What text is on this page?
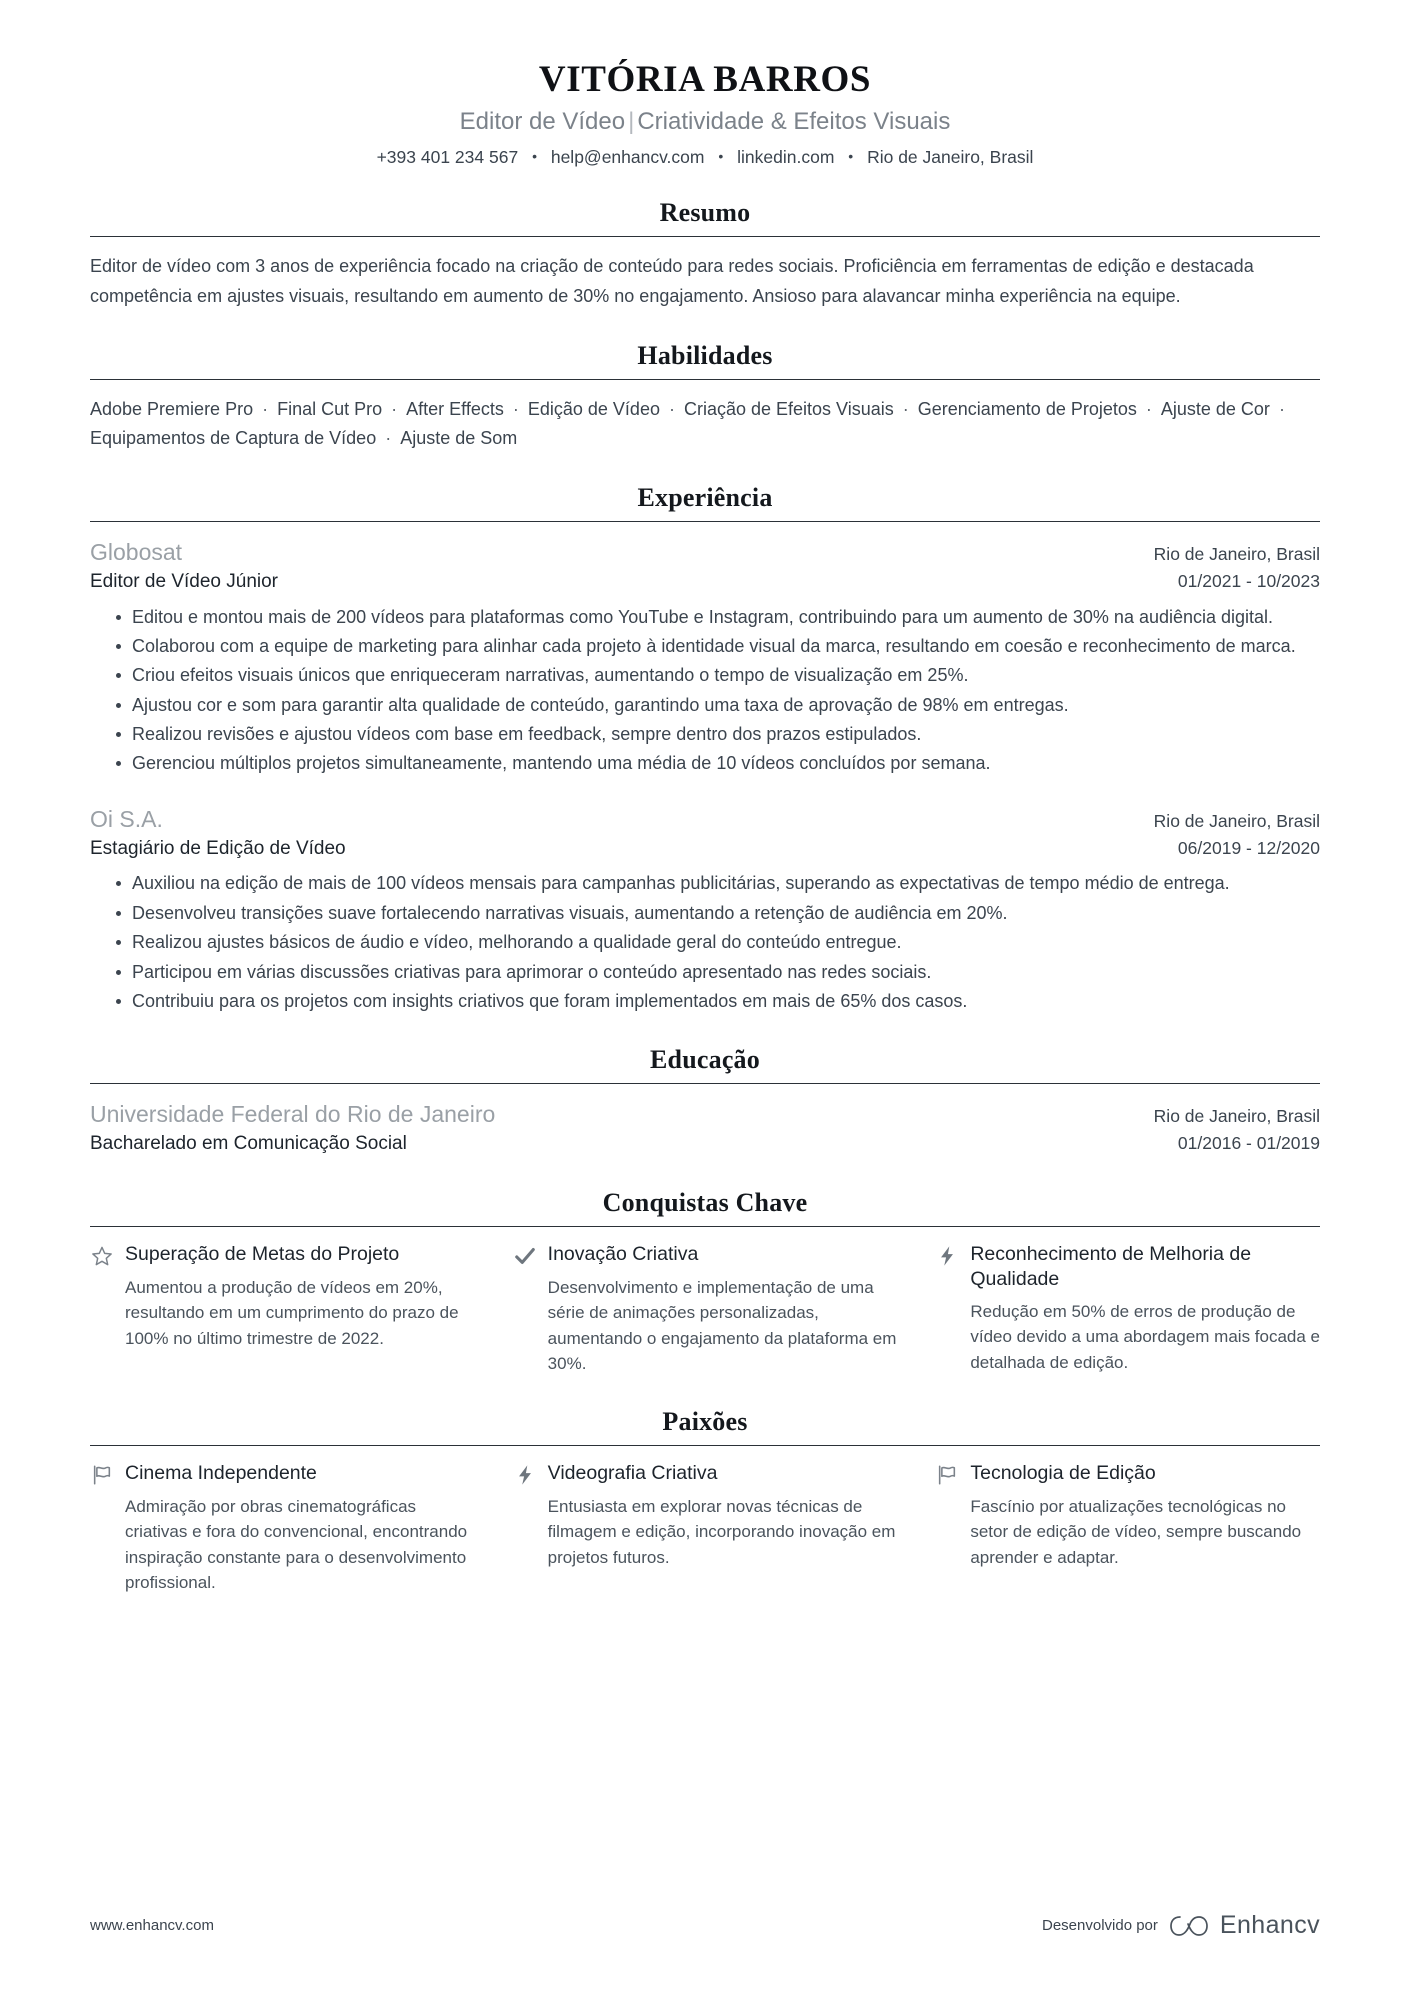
VITÓRIA BARROS
Editor de Vídeo | Criatividade & Efeitos Visuais
+393 401 234 567 • help@enhancv.com • linkedin.com • Rio de Janeiro, Brasil
Resumo
Editor de vídeo com 3 anos de experiência focado na criação de conteúdo para redes sociais. Proficiência em ferramentas de edição e destacada competência em ajustes visuais, resultando em aumento de 30% no engajamento. Ansioso para alavancar minha experiência na equipe.
Habilidades
Adobe Premiere Pro · Final Cut Pro · After Effects · Edição de Vídeo · Criação de Efeitos Visuais · Gerenciamento de Projetos · Ajuste de Cor · Equipamentos de Captura de Vídeo · Ajuste de Som
Experiência
Globosat	Rio de Janeiro, Brasil
Editor de Vídeo Júnior	01/2021 - 10/2023
Editou e montou mais de 200 vídeos para plataformas como YouTube e Instagram, contribuindo para um aumento de 30% na audiência digital.
Colaborou com a equipe de marketing para alinhar cada projeto à identidade visual da marca, resultando em coesão e reconhecimento de marca.
Criou efeitos visuais únicos que enriqueceram narrativas, aumentando o tempo de visualização em 25%.
Ajustou cor e som para garantir alta qualidade de conteúdo, garantindo uma taxa de aprovação de 98% em entregas.
Realizou revisões e ajustou vídeos com base em feedback, sempre dentro dos prazos estipulados.
Gerenciou múltiplos projetos simultaneamente, mantendo uma média de 10 vídeos concluídos por semana.
Oi S.A.	Rio de Janeiro, Brasil
Estagiário de Edição de Vídeo	06/2019 - 12/2020
Auxiliou na edição de mais de 100 vídeos mensais para campanhas publicitárias, superando as expectativas de tempo médio de entrega.
Desenvolveu transições suave fortalecendo narrativas visuais, aumentando a retenção de audiência em 20%.
Realizou ajustes básicos de áudio e vídeo, melhorando a qualidade geral do conteúdo entregue.
Participou em várias discussões criativas para aprimorar o conteúdo apresentado nas redes sociais.
Contribuiu para os projetos com insights criativos que foram implementados em mais de 65% dos casos.
Educação
Universidade Federal do Rio de Janeiro	Rio de Janeiro, Brasil
Bacharelado em Comunicação Social	01/2016 - 01/2019
Conquistas Chave
Superação de Metas do Projeto
Aumentou a produção de vídeos em 20%, resultando em um cumprimento do prazo de 100% no último trimestre de 2022.
Inovação Criativa
Desenvolvimento e implementação de uma série de animações personalizadas, aumentando o engajamento da plataforma em 30%.
Reconhecimento de Melhoria de Qualidade
Redução em 50% de erros de produção de vídeo devido a uma abordagem mais focada e detalhada de edição.
Paixões
Cinema Independente
Admiração por obras cinematográficas criativas e fora do convencional, encontrando inspiração constante para o desenvolvimento profissional.
Videografia Criativa
Entusiasta em explorar novas técnicas de filmagem e edição, incorporando inovação em projetos futuros.
Tecnologia de Edição
Fascínio por atualizações tecnológicas no setor de edição de vídeo, sempre buscando aprender e adaptar.
www.enhancv.com	Desenvolvido por Enhancv
